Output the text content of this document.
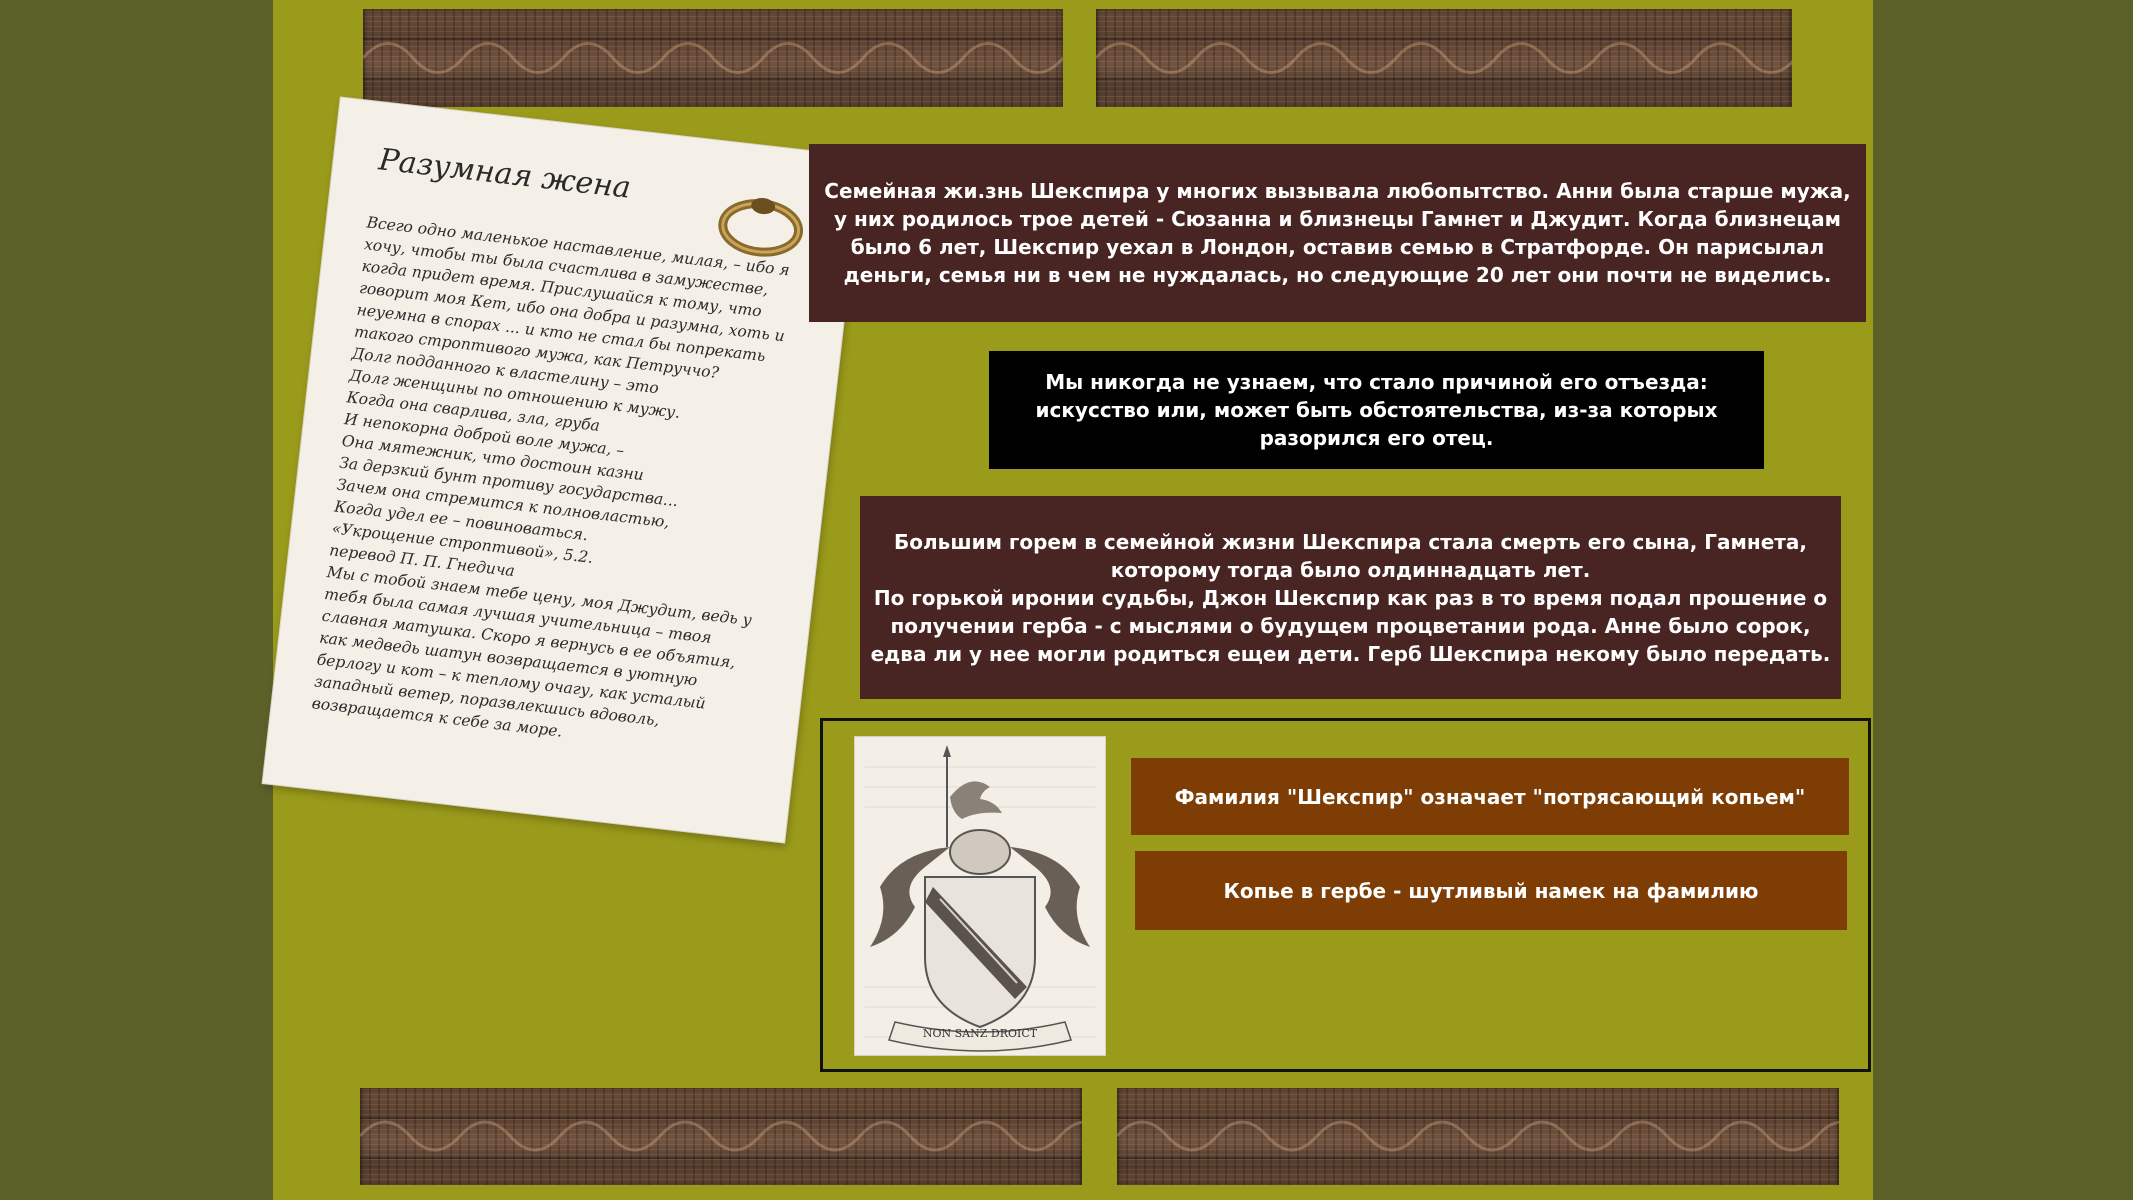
Разумная жена
Всего одно маленькое наставление, милая, – ибо я хочу, чтобы ты была счастлива в замужестве, когда придет время. Прислушайся к тому, что говорит моя Кет, ибо она добра и разумна, хоть и неуемна в спорах ... и кто не стал бы попрекать такого строптивого мужа, как Петруччо?
Долг подданного к властелину – это
Долг женщины по отношению к мужу.
Когда она сварлива, зла, груба
И непокорна доброй воле мужа, –
Она мятежник, что достоин казни
За дерзкий бунт противу государства...
Зачем она стремится к полновластью,
Когда удел ее – повиноваться.
«Укрощение строптивой», 5.2.
перевод П. П. Гнедича
Мы с тобой знаем тебе цену, моя Джудит, ведь у тебя была самая лучшая учительница – твоя славная матушка. Скоро я вернусь в ее объятия, как медведь шатун возвращается в уютную берлогу и кот – к теплому очагу, как усталый западный ветер, поразвлекшись вдоволь, возвращается к себе за море.

Семейная жи.знь Шекспира у многих вызывала любопытство. Анни была старше мужа, у них родилось трое детей - Сюзанна и близнецы Гамнет и Джудит. Когда близнецам было 6 лет, Шекспир уехал в Лондон, оставив семью в Стратфорде. Он парисылал деньги, семья ни в чем не нуждалась, но следующие 20 лет они почти не виделись.

Мы никогда не узнаем, что стало причиной его отъезда: искусство или, может быть обстоятельства, из-за которых разорился его отец.

Большим горем в семейной жизни Шекспира стала смерть его сына, Гамнета, которому тогда было олдиннадцать лет.

По горькой иронии судьбы, Джон Шекспир как раз в то время подал прошение о получении герба - с мыслями о будущем процветании рода. Анне было сорок, едва ли у нее могли родиться ещеи дети. Герб Шекспира некому было передать.

NON SANZ DROICT
Фамилия "Шекспир" означает "потрясающий копьем"
Копье в гербе - шутливый намек на фамилию
